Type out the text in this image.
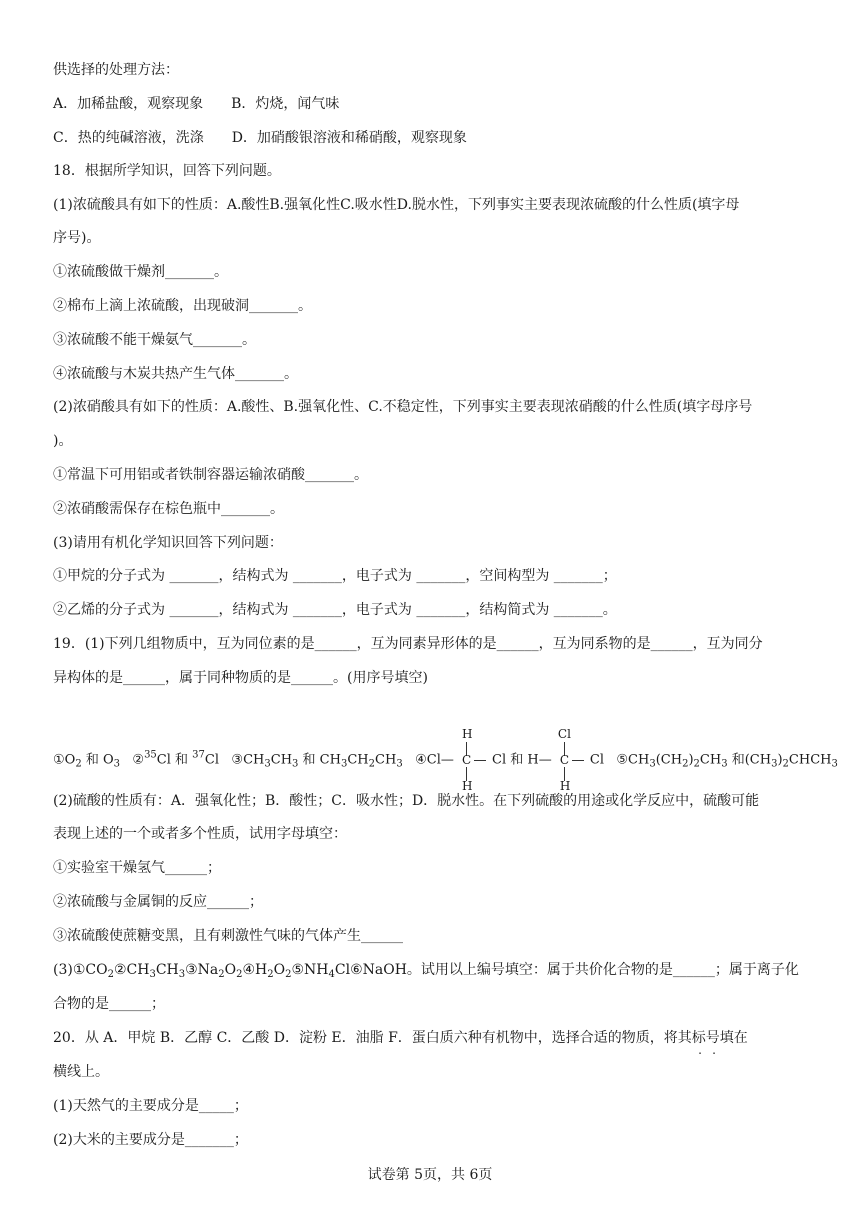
供选择的处理方法：
A．加稀盐酸，观察现象　　B．灼烧，闻气味
C．热的纯碱溶液，洗涤　　D．加硝酸银溶液和稀硝酸，观察现象
18．根据所学知识，回答下列问题。
(1)浓硫酸具有如下的性质：A.酸性B.强氧化性C.吸水性D.脱水性，下列事实主要表现浓硫酸的什么性质(填字母
序号)。
①浓硫酸做干燥剂_______。
②棉布上滴上浓硫酸，出现破洞_______。
③浓硫酸不能干燥氨气_______。
④浓硫酸与木炭共热产生气体_______。
(2)浓硝酸具有如下的性质：A.酸性、B.强氧化性、C.不稳定性，下列事实主要表现浓硝酸的什么性质(填字母序号
)。
①常温下可用铝或者铁制容器运输浓硝酸_______。
②浓硝酸需保存在棕色瓶中_______。
(3)请用有机化学知识回答下列问题：
①甲烷的分子式为 _______，结构式为 _______，电子式为 _______，空间构型为 _______；
②乙烯的分子式为 _______，结构式为 _______，电子式为 _______，结构简式为 _______。
19．(1)下列几组物质中，互为同位素的是______，互为同素异形体的是______，互为同系物的是______，互为同分
异构体的是______，属于同种物质的是______。(用序号填空)
$①O_2$ 和 $O_3$ ②$^{35}$Cl 和 $^{37}$Cl $③CH_3CH_3$ 和 $CH_3CH_2CH_3$ ④Cl—
H
C
H
Cl 和 H—
Cl
C
H
Cl $⑤CH_3(CH_2)_2CH_3$ 和$(CH_3)_2CHCH_3$
(2)硫酸的性质有：A．强氧化性；B．酸性；C．吸水性；D．脱水性。在下列硫酸的用途或化学反应中，硫酸可能
表现上述的一个或者多个性质，试用字母填空：
①实验室干燥氢气______；
②浓硫酸与金属铜的反应______；
③浓硫酸使蔗糖变黑，且有刺激性气味的气体产生______
$(3)①CO_2②CH_3CH_3③Na_2O_2④H_2O_2⑤NH_4Cl⑥NaOH$。试用以上编号填空：属于共价化合物的是______；属于离子化
合物的是______；
20．从 A．甲烷 B．乙醇 C．乙酸 D．淀粉 E．油脂 F．蛋白质六种有机物中，选择合适的物质，将其标号填在
横线上。
(1)天然气的主要成分是_____；
(2)大米的主要成分是_______；
试卷第 5页，共 6页
